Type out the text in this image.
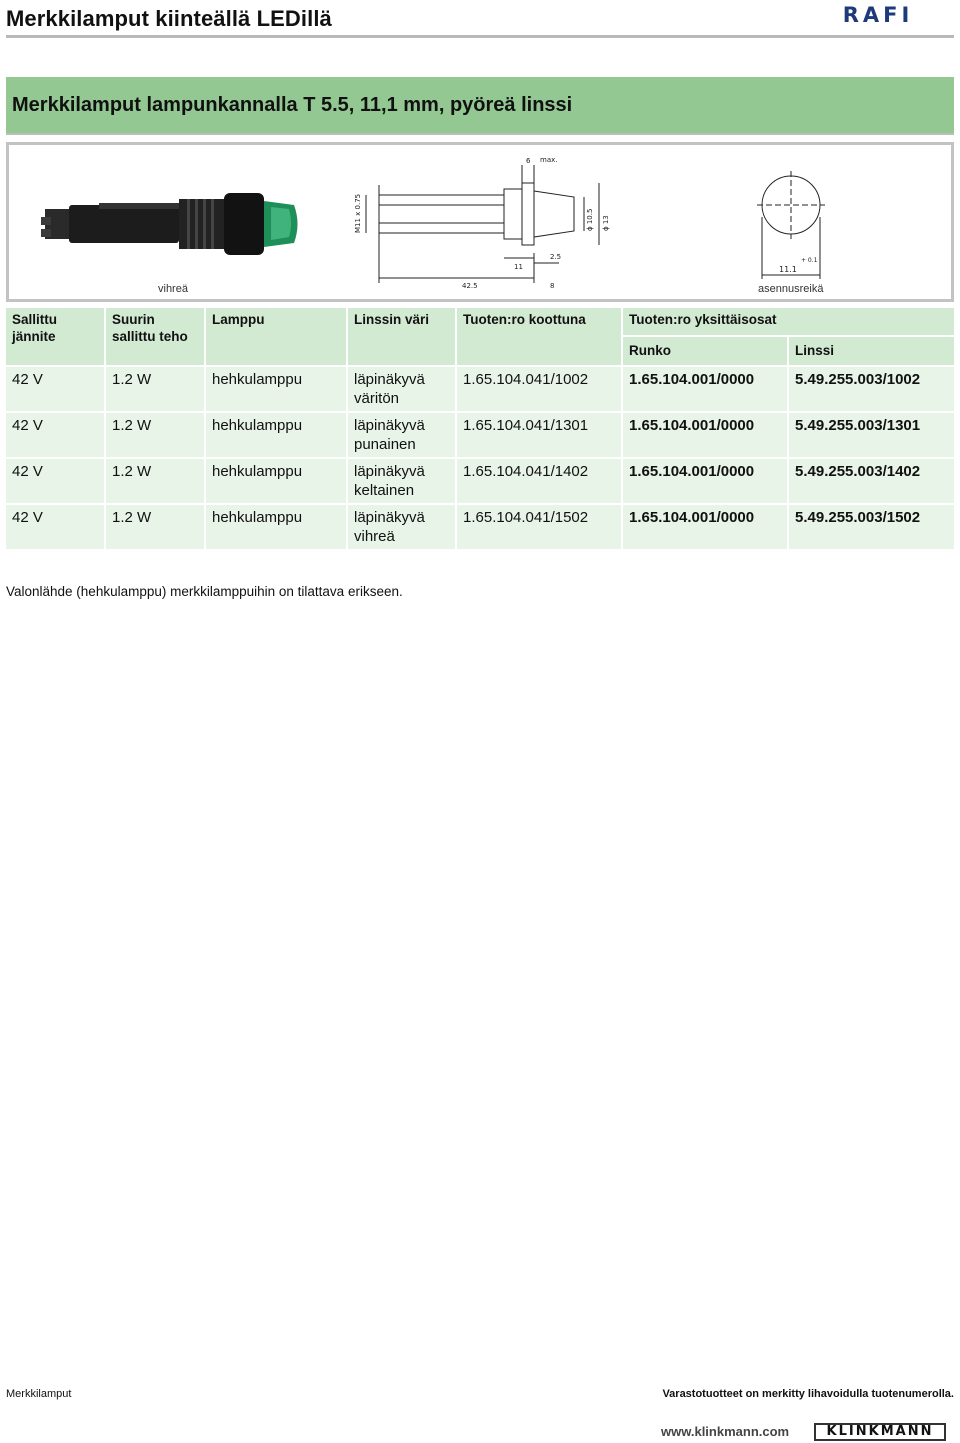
Merkkilamput kiinteällä LEDillä	RAFI
Merkkilamput lampunkannalla T 5.5, 11,1 mm, pyöreä linssi
vihreä
6 max.
M11 x 0.75	ϕ 10.5 ϕ 13
11
2.5
42.5	8
11.1
+ 0.1
asennusreikä
Sallittu jännite	Suurin sallittu teho	Lamppu	Linssin väri	Tuoten:ro koottuna	Tuoten:ro yksittäisosat	
					Runko	Linssi
42 V	1.2 W	hehkulamppu	läpinäkyvä väritön	1.65.104.041/1002	1.65.104.001/0000	5.49.255.003/1002
42 V	1.2 W	hehkulamppu	läpinäkyvä punainen	1.65.104.041/1301	1.65.104.001/0000	5.49.255.003/1301
42 V	1.2 W	hehkulamppu	läpinäkyvä keltainen	1.65.104.041/1402	1.65.104.001/0000	5.49.255.003/1402
42 V	1.2 W	hehkulamppu	läpinäkyvä vihreä	1.65.104.041/1502	1.65.104.001/0000	5.49.255.003/1502
Valonlähde (hehkulamppu) merkkilamppuihin on tilattava erikseen.
Merkkilamput	Varastotuotteet on merkitty lihavoidulla tuotenumerolla.
www.klinkmann.com	KLINKMANN
